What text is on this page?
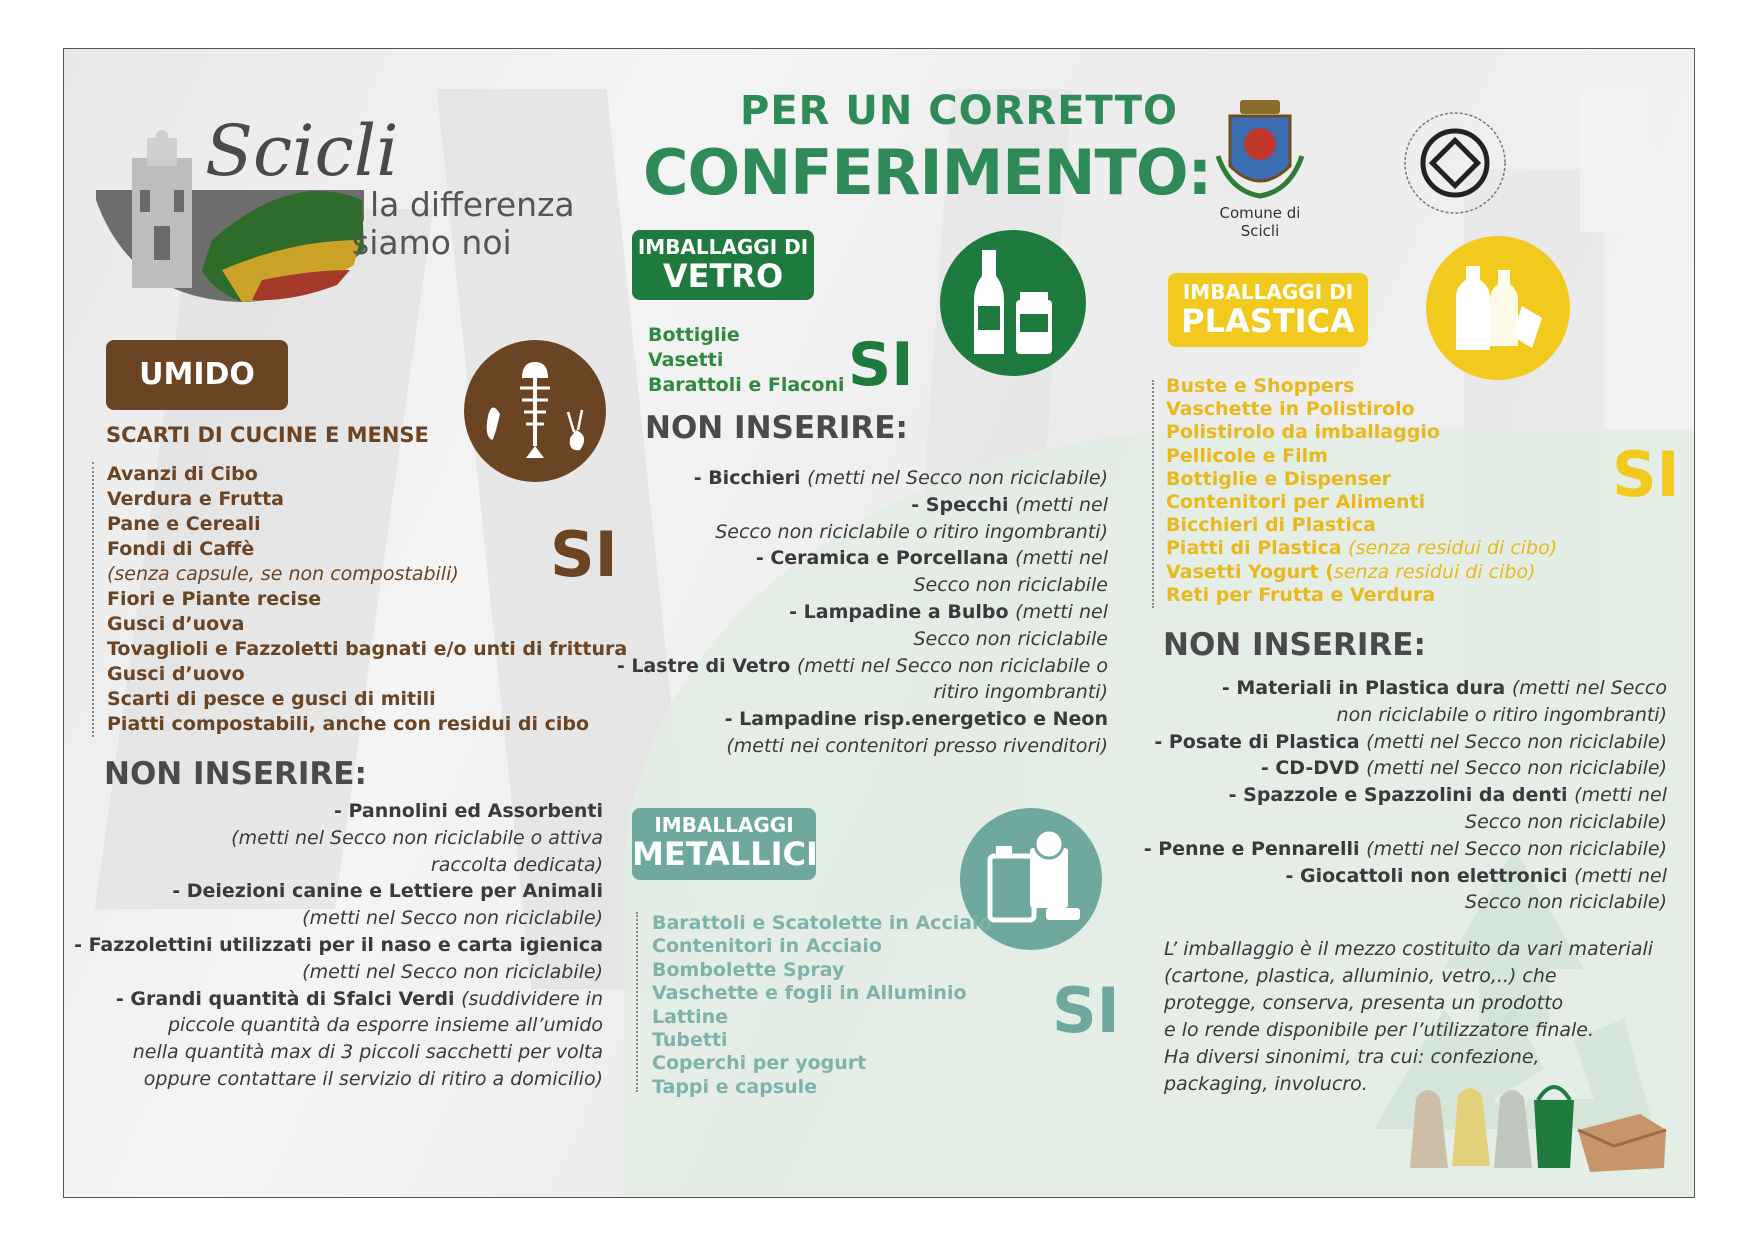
Scicli
la differenza
siamo noi
PER UN CORRETTO
CONFERIMENTO:
Comune di
Scicli
UMIDO
SCARTI DI CUCINE E MENSE
Avanzi di Cibo
Verdura e Frutta
Pane e Cereali
Fondi di Caffè
(senza capsule, se non compostabili)
Fiori e Piante recise
Gusci d’uova
Tovaglioli e Fazzoletti bagnati e/o unti di frittura
Gusci d’uovo
Scarti di pesce e gusci di mitili
Piatti compostabili, anche con residui di cibo
SI
NON INSERIRE:
- Pannolini ed Assorbenti
(metti nel Secco non riciclabile o attiva
raccolta dedicata)
- Deiezioni canine e Lettiere per Animali
(metti nel Secco non riciclabile)
- Fazzolettini utilizzati per il naso e carta igienica
(metti nel Secco non riciclabile)
- Grandi quantità di Sfalci Verdi (suddividere in
piccole quantità da esporre insieme all’umido
nella quantità max di 3 piccoli sacchetti per volta
oppure contattare il servizio di ritiro a domicilio)
IMBALLAGGI DI
VETRO
Bottiglie
Vasetti
Barattoli e Flaconi SI
NON INSERIRE:
- Bicchieri (metti nel Secco non riciclabile)
- Specchi (metti nel
Secco non riciclabile o ritiro ingombranti)
- Ceramica e Porcellana (metti nel
Secco non riciclabile
- Lampadine a Bulbo (metti nel
Secco non riciclabile
- Lastre di Vetro (metti nel Secco non riciclabile o
ritiro ingombranti)
- Lampadine risp.energetico e Neon
(metti nei contenitori presso rivenditori)
IMBALLAGGI
METALLICI
Barattoli e Scatolette in Acciaio
Contenitori in Acciaio
Bombolette Spray
Vaschette e fogli in Alluminio
Lattine
Tubetti
Coperchi per yogurt
Tappi e capsule
SI
IMBALLAGGI DI
PLASTICA
Buste e Shoppers
Vaschette in Polistirolo
Polistirolo da imballaggio
Pellicole e Film
Bottiglie e Dispenser
Contenitori per Alimenti
Bicchieri di Plastica
Piatti di Plastica (senza residui di cibo)
Vasetti Yogurt (senza residui di cibo)
Reti per Frutta e Verdura
SI
NON INSERIRE:
- Materiali in Plastica dura (metti nel Secco
non riciclabile o ritiro ingombranti)
- Posate di Plastica (metti nel Secco non riciclabile)
- CD-DVD (metti nel Secco non riciclabile)
- Spazzole e Spazzolini da denti (metti nel
Secco non riciclabile)
- Penne e Pennarelli (metti nel Secco non riciclabile)
- Giocattoli non elettronici (metti nel
Secco non riciclabile)
L’ imballaggio è il mezzo costituito da vari materiali
(cartone, plastica, alluminio, vetro,..) che
protegge, conserva, presenta un prodotto
e lo rende disponibile per l’utilizzatore finale.
Ha diversi sinonimi, tra cui: confezione,
packaging, involucro.
